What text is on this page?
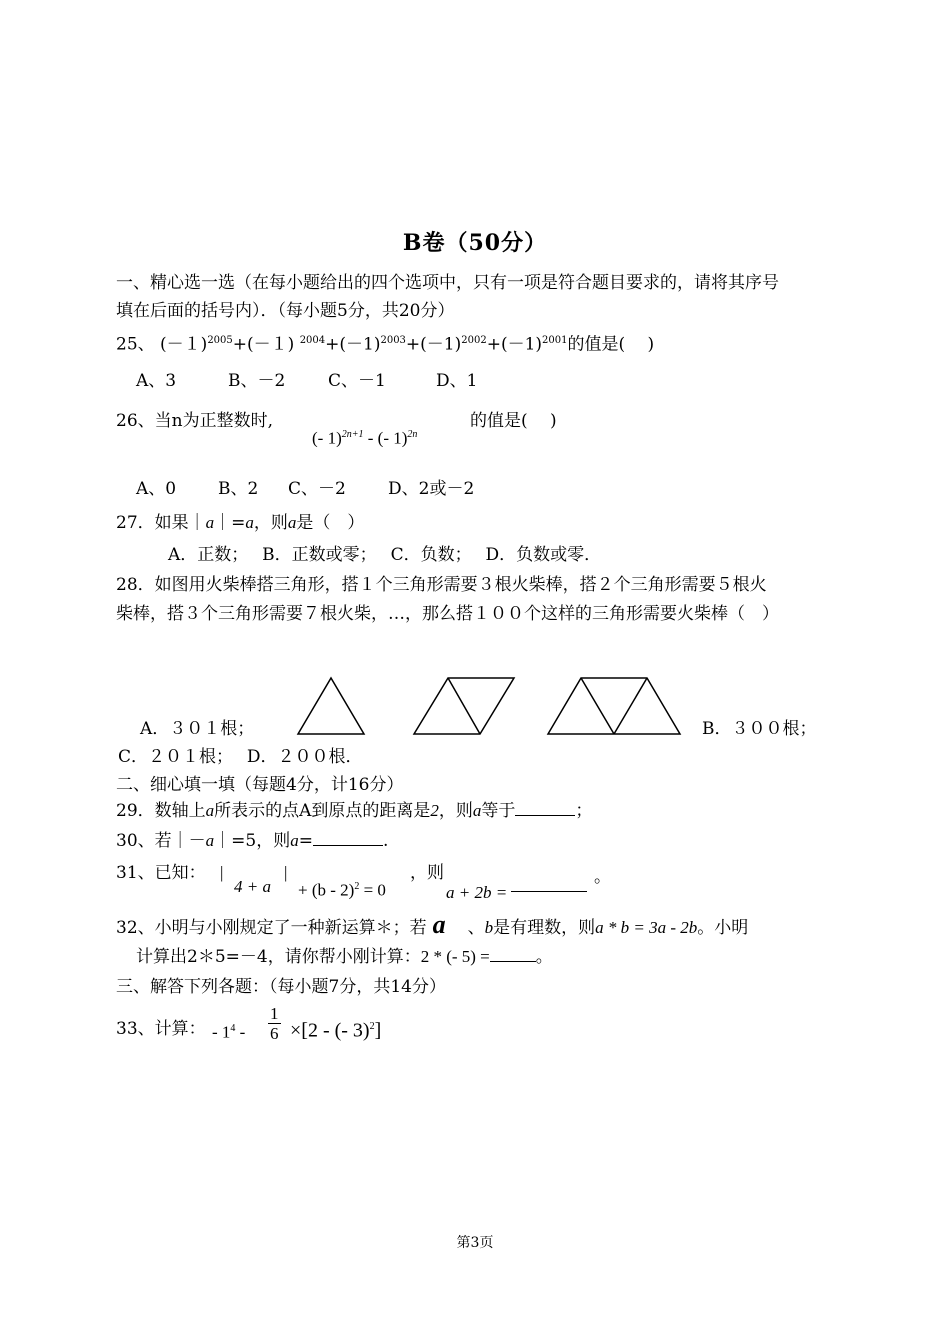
B卷（50分）
一、精心选一选（在每小题给出的四个选项中，只有一项是符合题目要求的，请将其序号
填在后面的括号内）．（每小题5分，共20分）
25、 $(-1)^{2005}+(-1)$ $^{2004}+(-1)^{2003}+(-1)^{2002}+(-1)^{2001}$的值是(　 )
A、3	B、－2	C、－1	D、1
26、当n为正整数时,
(- 1)$^{2n+1}$ - (- 1)$^{2n}$
的值是(　 )
A、0 B、2 C、－2 D、2或－2
27．如果｜a｜=a，则a是（　）
A．正数；　 B．正数或零；　 C．负数；　 D．负数或零．
28．如图用火柴棒搭三角形，搭１个三角形需要３根火柴棒，搭２个三角形需要５根火
柴棒，搭３个三角形需要７根火柴，…，那么搭１００个这样的三角形需要火柴棒（　）
A．３０１根；	B．３００根；
C．２０１根；　 D．２００根．
二、细心填一填（每题4分，计16分）
29．数轴上a所表示的点A到原点的距离是2，则a等于	；
30、若｜－a｜=5，则a=	.
31、已知： |
4 + a
|
+ (b - 2)$^2$ = 0
，则
a + 2b =
。
32、小明与小刚规定了一种新运算＊；若 a 、b是有理数，则a * b = 3a - 2b。小明
计算出2＊5=－4，请你帮小刚计算：2 * (- 5) =	。
三、解答下列各题：（每小题7分，共14分）
33、计算： - $1^4 - \frac{1}{6} \times[2$ - (- 3)$^2$]
第3页
